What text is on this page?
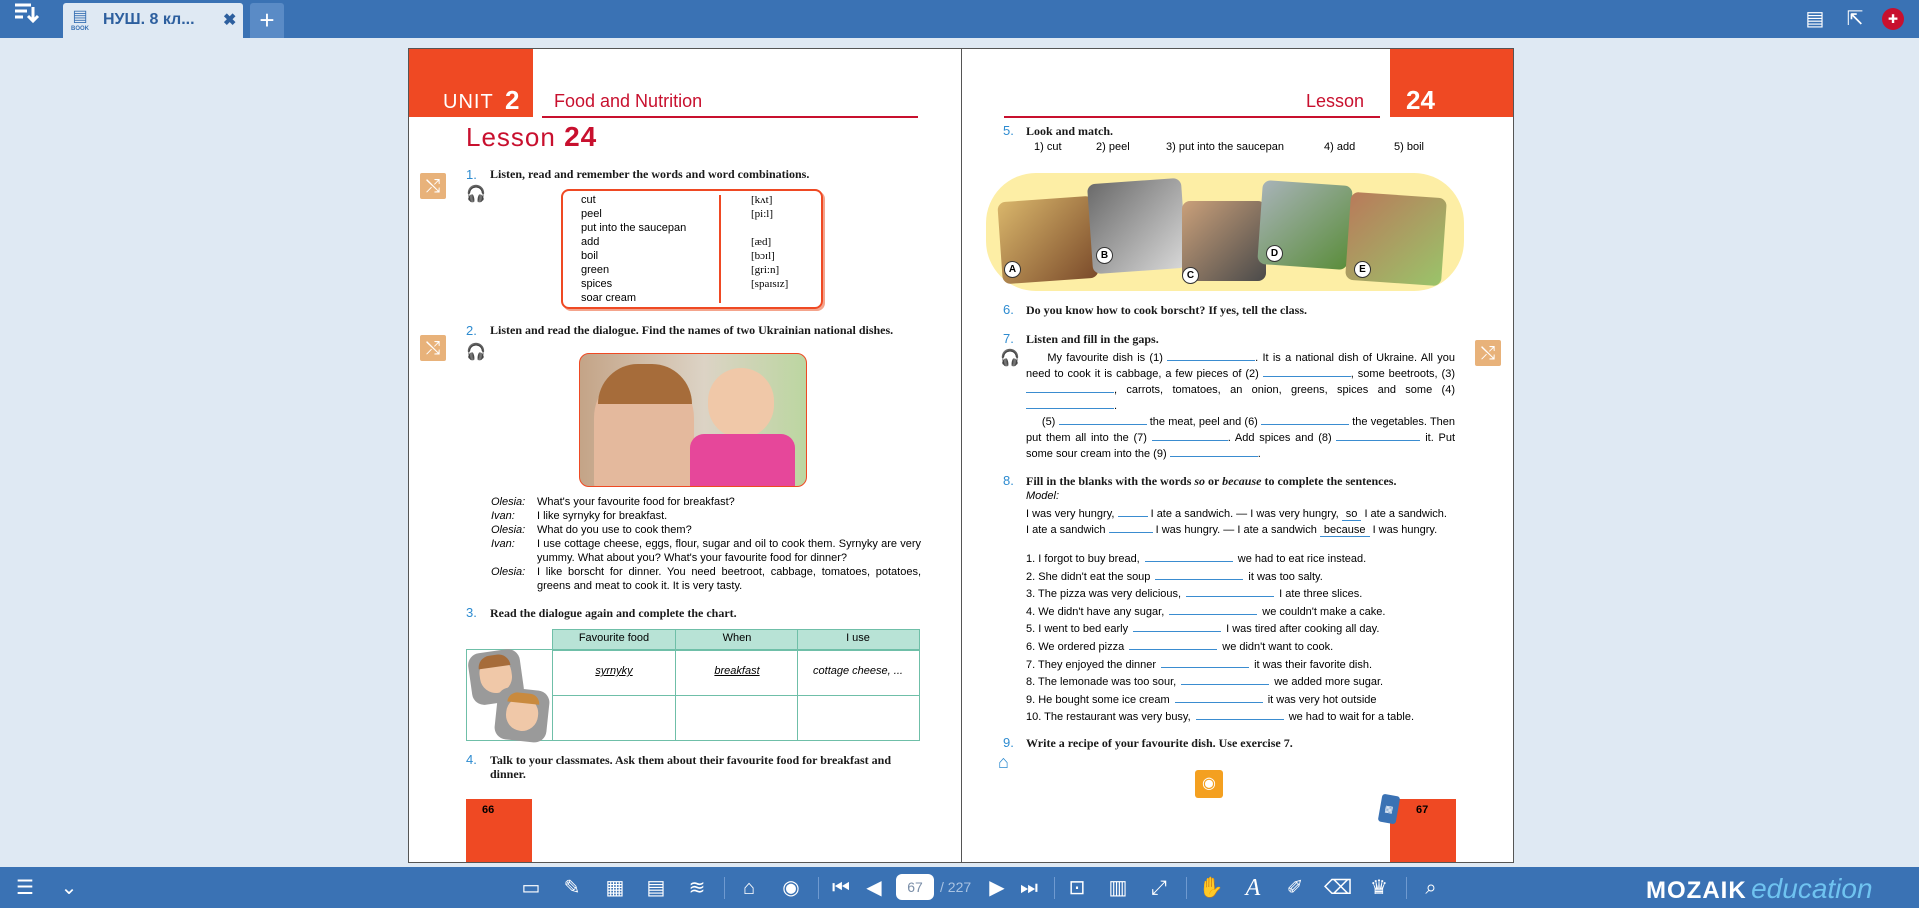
▤
BOOK
НУШ. 8 кл... ✖ +	▤	⇱	✚
UNIT 2 Food and Nutrition
Lesson 24
⤭	🎧
1. Listen, read and remember the words and word combinations.
cut	[kʌt]
peel	[pi:l]
put into the saucepan
add	[æd]
boil	[bɔɪl]
green	[gri:n]
spices	[spaɪsɪz]
soar cream
⤭	🎧
2. Listen and read the dialogue. Find the names of two Ukrainian national dishes.
Olesia: What's your favourite food for breakfast?
Ivan: I like syrnyky for breakfast.
Olesia: What do you use to cook them?
Ivan: I use cottage cheese, eggs, flour, sugar and oil to cook them. Syrnyky are very yummy. What about you? What's your favourite food for dinner?
Olesia: I like borscht for dinner. You need beetroot, cabbage, tomatoes, potatoes, greens and meat to cook it. It is very tasty.
3. Read the dialogue again and complete the chart.
Favourite food	When	I use
syrnyky	breakfast	cottage cheese, ...
4. Talk to your classmates. Ask them about their favourite food for breakfast and dinner.
66
Lesson 24
5. Look and match.
1) cut	2) peel	3) put into the saucepan	4) add	5) boil
A
B
C
D
E
6. Do you know how to cook borscht? If yes, tell the class.
7. Listen and fill in the gaps.
🎧	⤭
My favourite dish is (1)	. It is a national dish of Ukraine. All you need to cook it is cabbage, a few pieces of (2)	, some beetroots, (3) , carrots, tomatoes, an onion, greens, spices and some (4) .
(5)	the meat, peel and (6)	the vegetables. Then put them all into the (7)	. Add spices and (8)	it. Put some sour cream into the (9)	.
8. Fill in the blanks with the words so or because to complete the sentences.
Model:
I was very hungry,	I ate a sandwich. — I was very hungry, so I ate a sandwich.
I ate a sandwich	I was hungry. — I ate a sandwich because I was hungry.
1. I forgot to buy bread,	we had to eat rice instead.
2. She didn't eat the soup	it was too salty.
3. The pizza was very delicious,	I ate three slices.
4. We didn't have any sugar,	we couldn't make a cake.
5. I went to bed early	I was tired after cooking all day.
6. We ordered pizza	we didn't want to cook.
7. They enjoyed the dinner	it was their favorite dish.
8. The lemonade was too sour,	we added more sugar.
9. He bought some ice cream	it was very hot outside
10. The restaurant was very busy,	we had to wait for a table.
9. Write a recipe of your favourite dish. Use exercise 7.
⌂
◉
67
▦
☰ ⌄	▭ ✎ ▦ ▤ ≋	⌂	◉ ⏮ ◀	67	/ 227 ▶ ⏭ ⊡ ▥ ⤢ ✋ A ✐ ⌫ ♛	⌕	MOZAIK education
